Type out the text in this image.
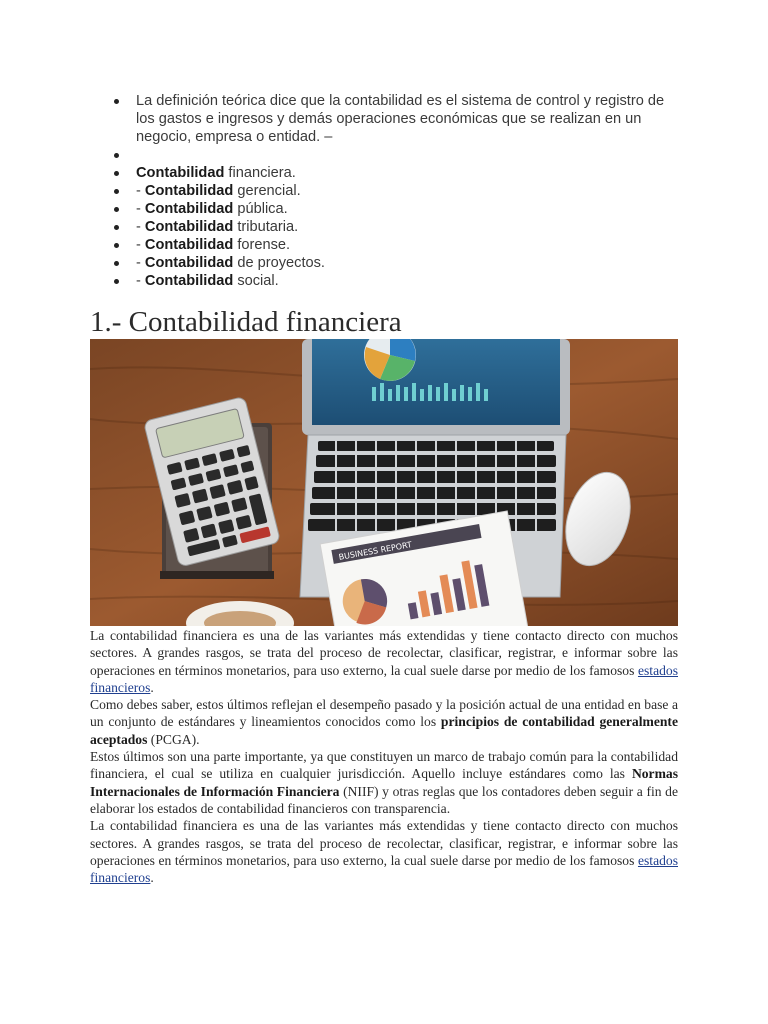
La definición teórica dice que la contabilidad es el sistema de control y registro de los gastos e ingresos y demás operaciones económicas que se realizan en un negocio, empresa o entidad. –
Contabilidad financiera.
- Contabilidad gerencial.
- Contabilidad pública.
- Contabilidad tributaria.
- Contabilidad forense.
- Contabilidad de proyectos.
- Contabilidad social.
1.- Contabilidad financiera
BUSINESS REPORT

La contabilidad financiera es una de las variantes más extendidas y tiene contacto directo con muchos sectores. A grandes rasgos, se trata del proceso de recolectar, clasificar, registrar, e informar sobre las operaciones en términos monetarios, para uso externo, la cual suele darse por medio de los famosos estados financieros.

Como debes saber, estos últimos reflejan el desempeño pasado y la posición actual de una entidad en base a un conjunto de estándares y lineamientos conocidos como los principios de contabilidad generalmente aceptados (PCGA).

Estos últimos son una parte importante, ya que constituyen un marco de trabajo común para la contabilidad financiera, el cual se utiliza en cualquier jurisdicción. Aquello incluye estándares como las Normas Internacionales de Información Financiera (NIIF) y otras reglas que los contadores deben seguir a fin de elaborar los estados de contabilidad financieros con transparencia.

La contabilidad financiera es una de las variantes más extendidas y tiene contacto directo con muchos sectores. A grandes rasgos, se trata del proceso de recolectar, clasificar, registrar, e informar sobre las operaciones en términos monetarios, para uso externo, la cual suele darse por medio de los famosos estados financieros.
